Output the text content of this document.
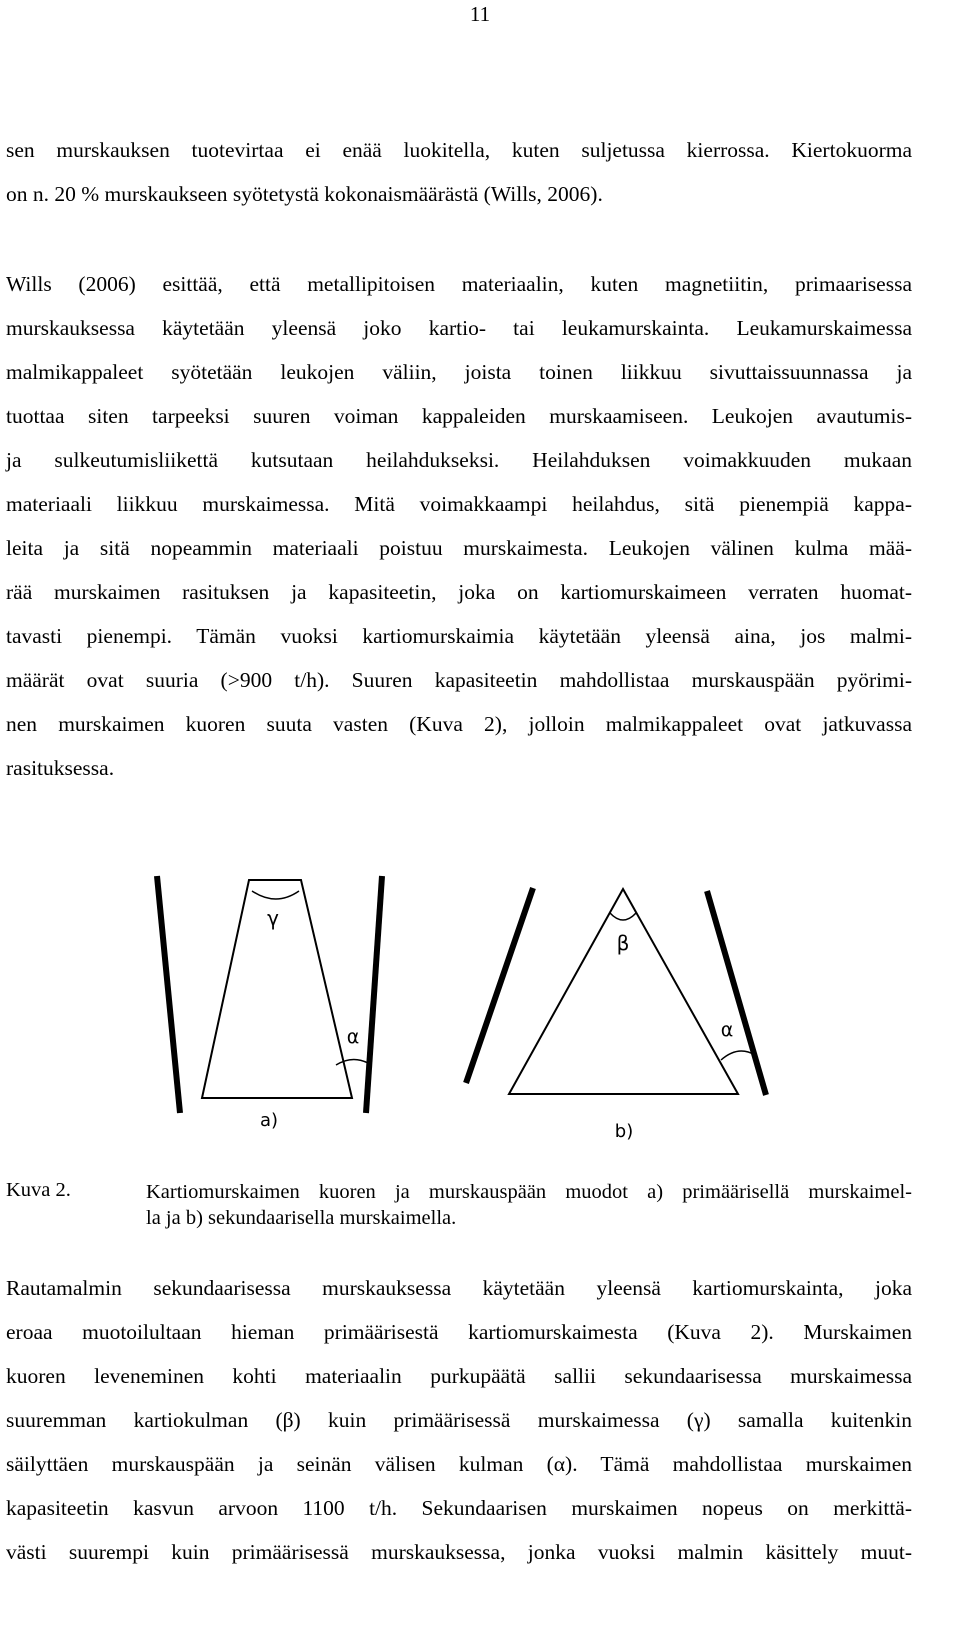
11

sen murskauksen tuotevirtaa ei enää luokitella, kuten suljetussa kierrossa. Kiertokuorma
on n. 20 % murskaukseen syötetystä kokonaismäärästä (Wills, 2006).

Wills (2006) esittää, että metallipitoisen materiaalin, kuten magnetiitin, primaarisessa
murskauksessa käytetään yleensä joko kartio- tai leukamurskainta. Leukamurskaimessa
malmikappaleet syötetään leukojen väliin, joista toinen liikkuu sivuttaissuunnassa ja
tuottaa siten tarpeeksi suuren voiman kappaleiden murskaamiseen. Leukojen avautumis-
ja sulkeutumisliikettä kutsutaan heilahdukseksi. Heilahduksen voimakkuuden mukaan
materiaali liikkuu murskaimessa. Mitä voimakkaampi heilahdus, sitä pienempiä kappa-
leita ja sitä nopeammin materiaali poistuu murskaimesta. Leukojen välinen kulma mää-
rää murskaimen rasituksen ja kapasiteetin, joka on kartiomurskaimeen verraten huomat-
tavasti pienempi. Tämän vuoksi kartiomurskaimia käytetään yleensä aina, jos malmi-
määrät ovat suuria (>900 t/h). Suuren kapasiteetin mahdollistaa murskauspään pyörimi-
nen murskaimen kuoren suuta vasten (Kuva 2), jolloin malmikappaleet ovat jatkuvassa
rasituksessa.

γ
α
a)
β
α
b)
Kuva 2.	Kartiomurskaimen kuoren ja murskauspään muodot a) primäärisellä murskaimel-
la ja b) sekundaarisella murskaimella.

Rautamalmin sekundaarisessa murskauksessa käytetään yleensä kartiomurskainta, joka
eroaa muotoilultaan hieman primäärisestä kartiomurskaimesta (Kuva 2). Murskaimen
kuoren leveneminen kohti materiaalin purkupäätä sallii sekundaarisessa murskaimessa
suuremman kartiokulman (β) kuin primäärisessä murskaimessa (γ) samalla kuitenkin
säilyttäen murskauspään ja seinän välisen kulman (α). Tämä mahdollistaa murskaimen
kapasiteetin kasvun arvoon 1100 t/h. Sekundaarisen murskaimen nopeus on merkittä-
västi suurempi kuin primäärisessä murskauksessa, jonka vuoksi malmin käsittely muut-
